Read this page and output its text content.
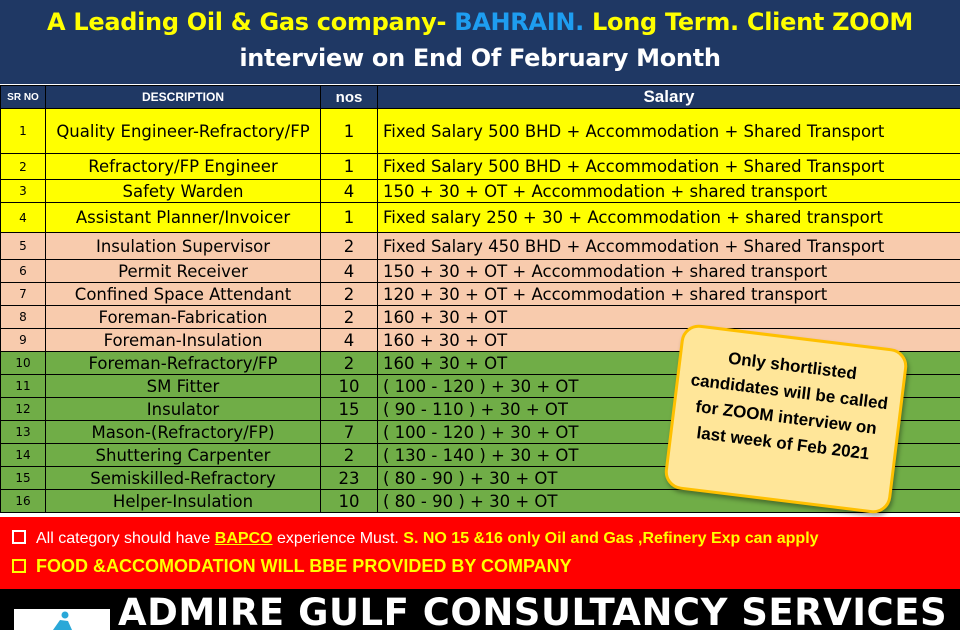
A Leading Oil & Gas company- BAHRAIN. Long Term. Client ZOOM
interview on End Of February Month
SR NO	DESCRIPTION	nos	Salary
1	Quality Engineer-Refractory/FP	1	Fixed Salary 500 BHD + Accommodation + Shared Transport
2	Refractory/FP Engineer	1	Fixed Salary 500 BHD + Accommodation + Shared Transport
3	Safety Warden	4	150 + 30 + OT + Accommodation + shared transport
4	Assistant Planner/Invoicer	1	Fixed salary 250 + 30 + Accommodation + shared transport
5	Insulation Supervisor	2	Fixed Salary 450 BHD + Accommodation + Shared Transport
6	Permit Receiver	4	150 + 30 + OT + Accommodation + shared transport
7	Confined Space Attendant	2	120 + 30 + OT + Accommodation + shared transport
8	Foreman-Fabrication	2	160 + 30 + OT
9	Foreman-Insulation	4	160 + 30 + OT
10	Foreman-Refractory/FP	2	160 + 30 + OT
11	SM Fitter	10	( 100 - 120 ) + 30 + OT
12	Insulator	15	( 90 - 110 ) + 30 + OT
13	Mason-(Refractory/FP)	7	( 100 - 120 ) + 30 + OT
14	Shuttering Carpenter	2	( 130 - 140 ) + 30 + OT
15	Semiskilled-Refractory	23	( 80 - 90 ) + 30 + OT
16	Helper-Insulation	10	( 80 - 90 ) + 30 + OT
Only shortlisted candidates will be called for ZOOM interview on last week of Feb 2021
All category should have BAPCO experience Must. S. NO 15 &16 only Oil and Gas ,Refinery Exp can apply
FOOD &ACCOMODATION WILL BBE PROVIDED BY COMPANY
ADMIRE GULF CONSULTANCY SERVICES
